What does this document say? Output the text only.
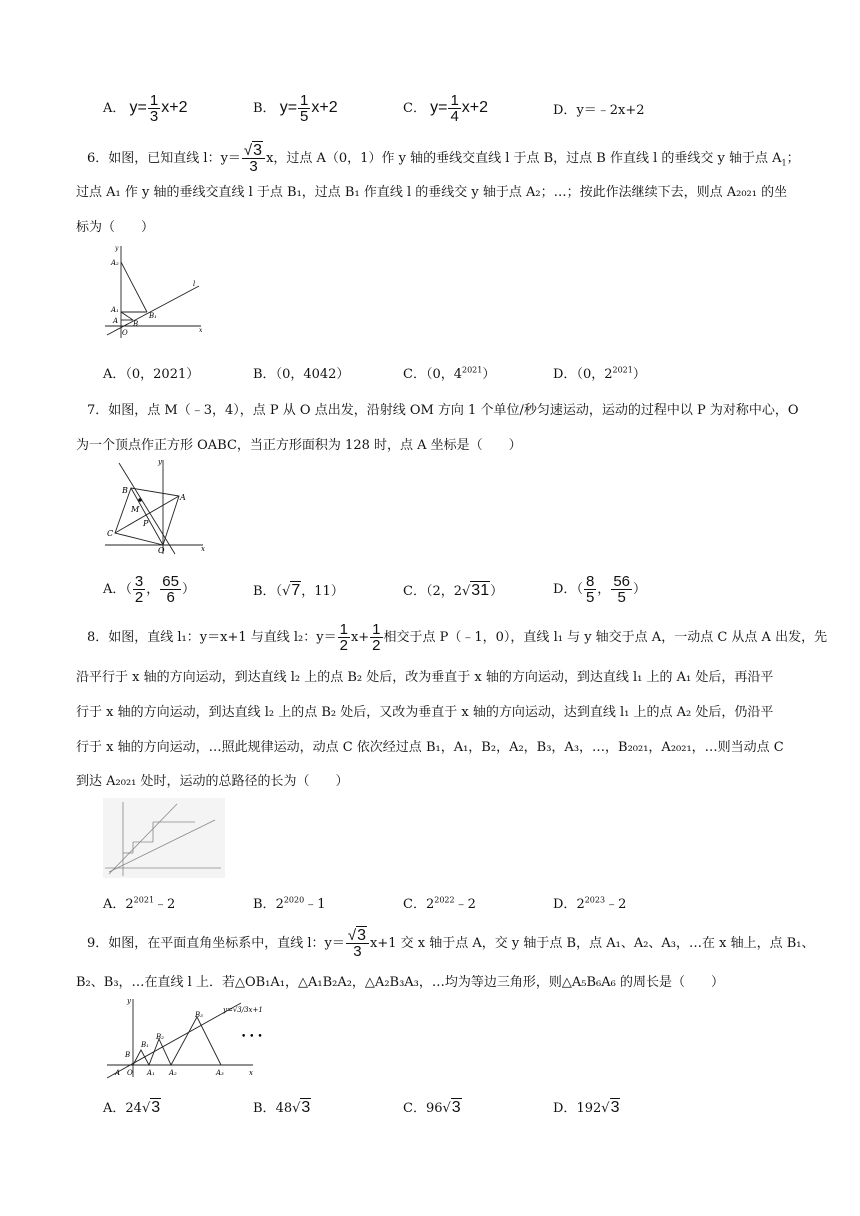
A． $y= \frac{1}{3} x+2$	B． $y= \frac{1}{5} x+2$	C． $y= \frac{1}{4} x+2$	D．y＝﹣2x+2
6．如图，已知直线 l：$y= \frac{√3}{3}$ x，过点 A（0，1）作 y 轴的垂线交直线 l 于点 B，过点 B 作直线 l 的垂线交 y 轴于点 $A_1$；
过点 A₁ 作 y 轴的垂线交直线 l 于点 B₁，过点 B₁ 作直线 l 的垂线交 y 轴于点 A₂；…；按此作法继续下去，则点 A₂₀₂₁ 的坐
标为（　　）
y
x
A₂
A₁
A
O
B
B₁
l
A．（0，2021）	B．（0，4042）	C．（0，$4^{2021}$）	D．（0，$2^{2021}$）
7．如图，点 M（﹣3，4），点 P 从 O 点出发，沿射线 OM 方向 1 个单位/秒匀速运动，运动的过程中以 P 为对称中心，O
为一个顶点作正方形 OABC，当正方形面积为 128 时，点 A 坐标是（　　）
y
x
B
M
A
P
C
O
A．（ $\frac{3}{2}$ ， $\frac{65}{6}$ ）	B．（√7，11）	C．（2，2√31）	D．（ $\frac{8}{5}$ ， $\frac{56}{5}$ ）
8．如图，直线 l₁：y＝x+1 与直线 l₂：$y= \frac{1}{2} x+ \frac{1}{2}$ 相交于点 P（﹣1，0），直线 l₁ 与 y 轴交于点 A，一动点 C 从点 A 出发，先
沿平行于 x 轴的方向运动，到达直线 l₂ 上的点 B₂ 处后，改为垂直于 x 轴的方向运动，到达直线 l₁ 上的 A₁ 处后，再沿平
行于 x 轴的方向运动，到达直线 l₂ 上的点 B₂ 处后，又改为垂直于 x 轴的方向运动，达到直线 l₁ 上的点 A₂ 处后，仍沿平
行于 x 轴的方向运动，…照此规律运动，动点 C 依次经过点 B₁，A₁，B₂，A₂，B₃，A₃，…，B₂₀₂₁，A₂₀₂₁，…则当动点 C
到达 A₂₀₂₁ 处时，运动的总路径的长为（　　）
A．$2^{2021}﹣2$	B．$2^{2020}﹣1$	C．$2^{2022}﹣2$	D．$2^{2023}﹣2$
9．如图，在平面直角坐标系中，直线 l：$y= \frac{√3}{3} x+1$ 交 x 轴于点 A，交 y 轴于点 B，点 A₁、A₂、A₃，…在 x 轴上，点 B₁、
B₂、B₃，…在直线 l 上．若△OB₁A₁，△A₁B₂A₂，△A₂B₃A₃，…均为等边三角形，则△A₅B₆A₆ 的周长是（　　）
y
x
B₃
B₂
B₁
B
A O A₁ A₂	A₃
y=√3/3x+1
• • •
A．24√3	B．48√3	C．96√3	D．192√3
